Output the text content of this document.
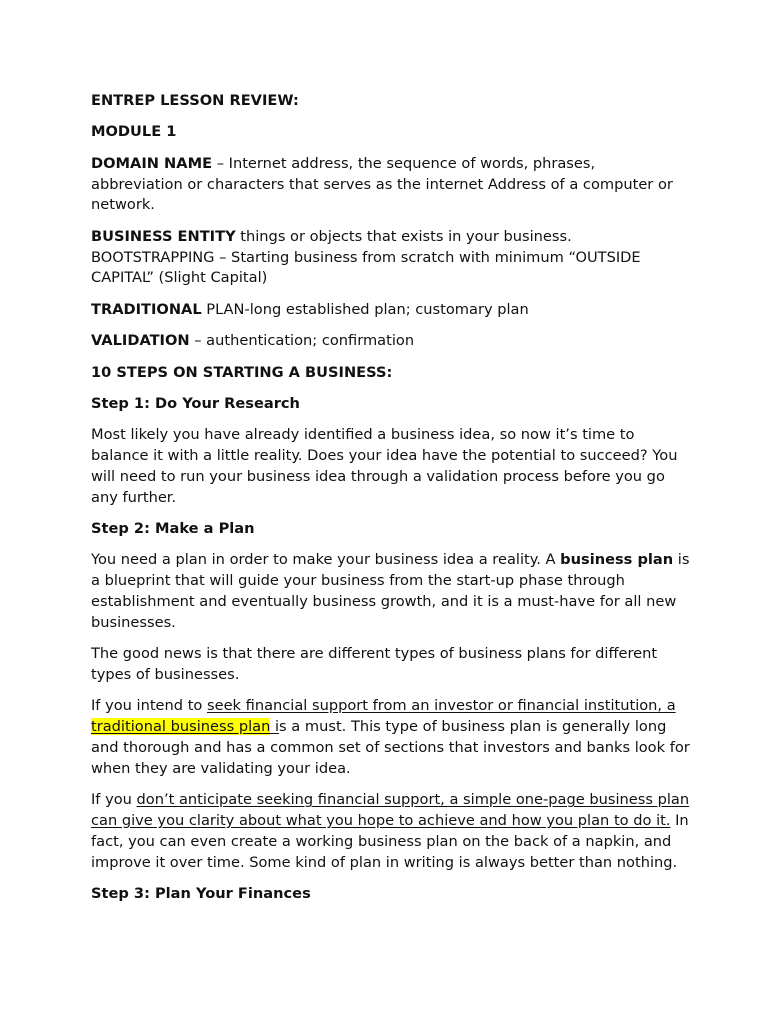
ENTREP LESSON REVIEW:

MODULE 1

DOMAIN NAME – Internet address, the sequence of words, phrases, abbreviation or characters that serves as the internet Address of a computer or network.

BUSINESS ENTITY things or objects that exists in your business.
BOOTSTRAPPING – Starting business from scratch with minimum “OUTSIDE CAPITAL” (Slight Capital)

TRADITIONAL PLAN-long established plan; customary plan

VALIDATION – authentication; confirmation

10 STEPS ON STARTING A BUSINESS:

Step 1: Do Your Research

Most likely you have already identified a business idea, so now it’s time to balance it with a little reality. Does your idea have the potential to succeed? You will need to run your business idea through a validation process before you go any further.

Step 2: Make a Plan

You need a plan in order to make your business idea a reality. A business plan is a blueprint that will guide your business from the start-up phase through establishment and eventually business growth, and it is a must-have for all new businesses.

The good news is that there are different types of business plans for different types of businesses.

If you intend to seek financial support from an investor or financial institution, a traditional business plan is a must. This type of business plan is generally long and thorough and has a common set of sections that investors and banks look for when they are validating your idea.

If you don’t anticipate seeking financial support, a simple one-page business plan can give you clarity about what you hope to achieve and how you plan to do it. In fact, you can even create a working business plan on the back of a napkin, and improve it over time. Some kind of plan in writing is always better than nothing.

Step 3: Plan Your Finances
